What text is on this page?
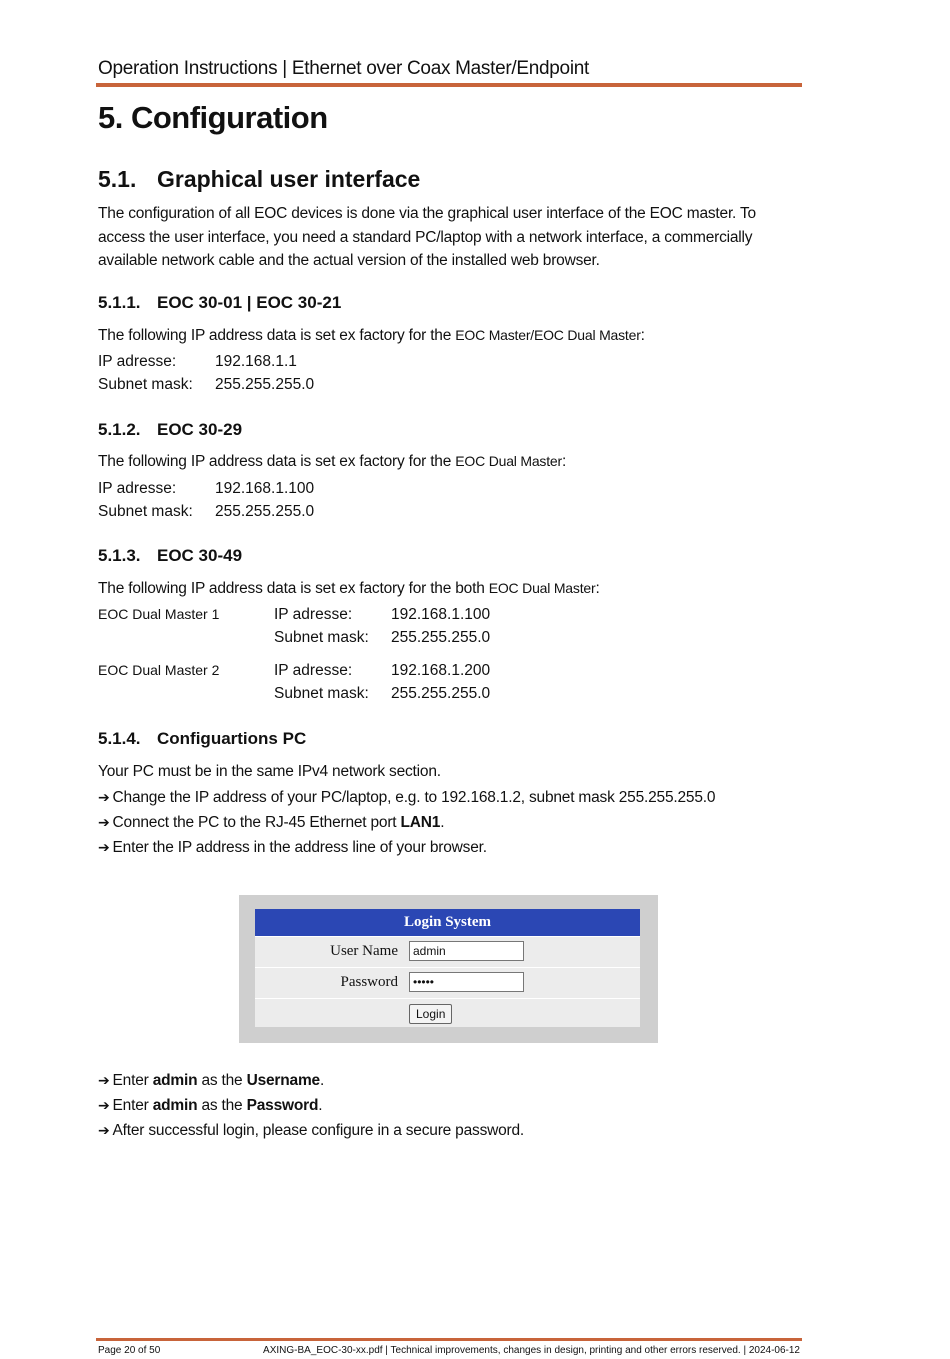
Operation Instructions | Ethernet over Coax Master/Endpoint
5. Configuration
5.1. Graphical user interface
The configuration of all EOC devices is done via the graphical user interface of the EOC master. To access the user interface, you need a standard PC/laptop with a network interface, a commercially available network cable and the actual version of the installed web browser.
5.1.1. EOC 30-01 | EOC 30-21
The following IP address data is set ex factory for the EOC Master/EOC Dual Master:
IP adresse:	192.168.1.1
Subnet mask: 255.255.255.0
5.1.2. EOC 30-29
The following IP address data is set ex factory for the EOC Dual Master:
IP adresse:	192.168.1.100
Subnet mask: 255.255.255.0
5.1.3. EOC 30-49
The following IP address data is set ex factory for the both EOC Dual Master:
EOC Dual Master 1	IP adresse:	192.168.1.100
Subnet mask: 255.255.255.0
EOC Dual Master 2	IP adresse:	192.168.1.200
Subnet mask: 255.255.255.0
5.1.4. Configuartions PC
Your PC must be in the same IPv4 network section.
➔ Change the IP address of your PC/laptop, e.g. to 192.168.1.2, subnet mask 255.255.255.0
➔ Connect the PC to the RJ-45 Ethernet port LAN1.
➔ Enter the IP address in the address line of your browser.
➔ Enter admin as the Username.
➔ Enter admin as the Password.
➔ After successful login, please configure in a secure password.
Login System
User Name	admin
Password	•••••
Login
Page 20 of 50	AXING-BA_EOC-30-xx.pdf | Technical improvements, changes in design, printing and other errors reserved. | 2024-06-12
